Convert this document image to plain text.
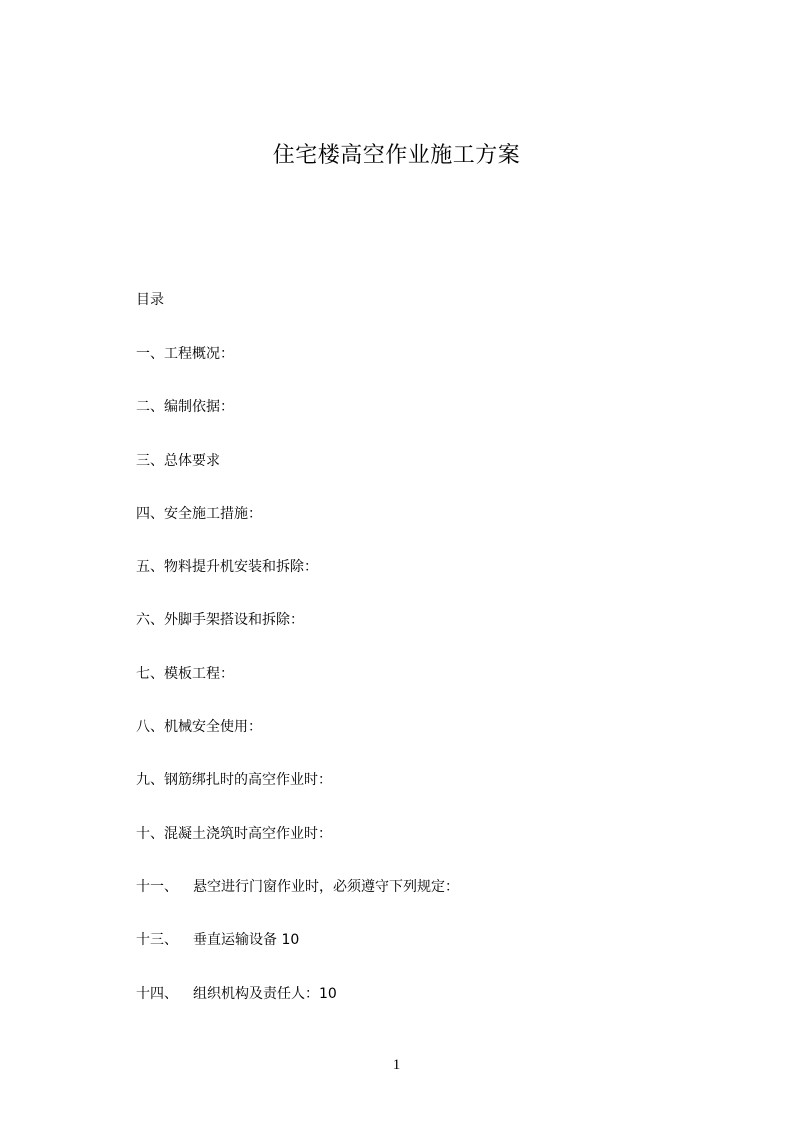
住宅楼高空作业施工方案
目录
一、 工程概况：
二、 编制依据：
三、 总体要求
四、 安全施工措施：
五、 物料提升机安装和拆除：
六、 外脚手架搭设和拆除：
七、 模板工程：
八、 机械安全使用：
九、 钢筋绑扎时的高空作业时：
十、 混凝土浇筑时高空作业时：
十一、	悬空进行门窗作业时，必须遵守下列规定：
十三、	垂直运输设备 10
十四、	组织机构及责任人：10
1
